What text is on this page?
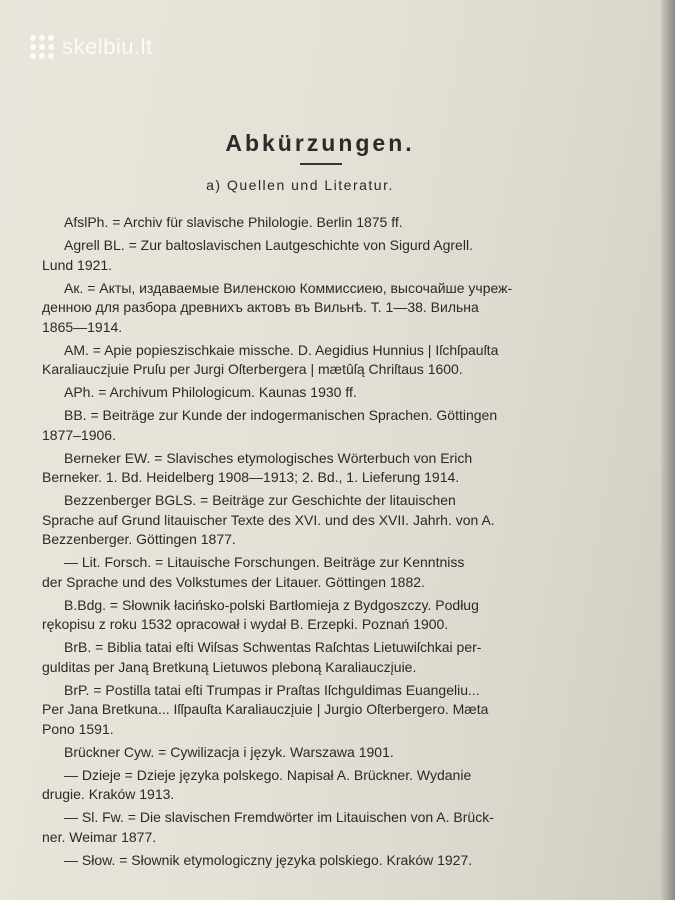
skelbiu.lt
Abkürzungen.
a) Quellen und Literatur.
AfslPh. = Archiv für slavische Philologie. Berlin 1875 ff.
Agrell BL. = Zur baltoslavischen Lautgeschichte von Sigurd Agrell.
Lund 1921.
Ак. = Акты, издаваемые Виленскою Коммиссиею, высочайше учреж-
денною для разбора древнихъ актовъ въ Вильнѣ. Т. 1—38. Вильна
1865—1914.
AM. = Apie popieszischkaie missche. D. Aegidius Hunnius | Iſchſpauſta
Karaliauczįuie Pruſu per Jurgi Oſterbergera | mætûſą Chriſtaus 1600.
APh. = Archivum Philologicum. Kaunas 1930 ff.
BB. = Beiträge zur Kunde der indogermanischen Sprachen. Göttingen
1877–1906.
Berneker EW. = Slavisches etymologisches Wörterbuch von Erich
Berneker. 1. Bd. Heidelberg 1908—1913; 2. Bd., 1. Lieferung 1914.
Bezzenberger BGLS. = Beiträge zur Geschichte der litauischen
Sprache auf Grund litauischer Texte des XVI. und des XVII. Jahrh. von A.
Bezzenberger. Göttingen 1877.
— Lit. Forsch. = Litauische Forschungen. Beiträge zur Kenntniss
der Sprache und des Volkstumes der Litauer. Göttingen 1882.
B.Bdg. = Słownik łacińsko-polski Bartłomieja z Bydgoszczy. Podług
rękopisu z roku 1532 opracował i wydał B. Erzepki. Poznań 1900.
BrB. = Biblia tatai eſti Wiſsas Schwentas Raſchtas Lietuwiſchkai per-
gulditas per Janą Bretkuną Lietuwos pleboną Karaliauczįuie.
BrP. = Postilla tatai eſti Trumpas ir Praſtas Iſchguldimas Euangeliu...
Per Jana Bretkuna... Iſſpauſta Karaliauczįuie | Jurgio Oſterbergero. Mæta
Pono 1591.
Brückner Cyw. = Cywilizacja i język. Warszawa 1901.
— Dzieje = Dzieje języka polskego. Napisał A. Brückner. Wydanie
drugie. Kraków 1913.
— Sl. Fw. = Die slavischen Fremdwörter im Litauischen von A. Brück-
ner. Weimar 1877.
— Słow. = Słownik etymologiczny języka polskiego. Kraków 1927.
